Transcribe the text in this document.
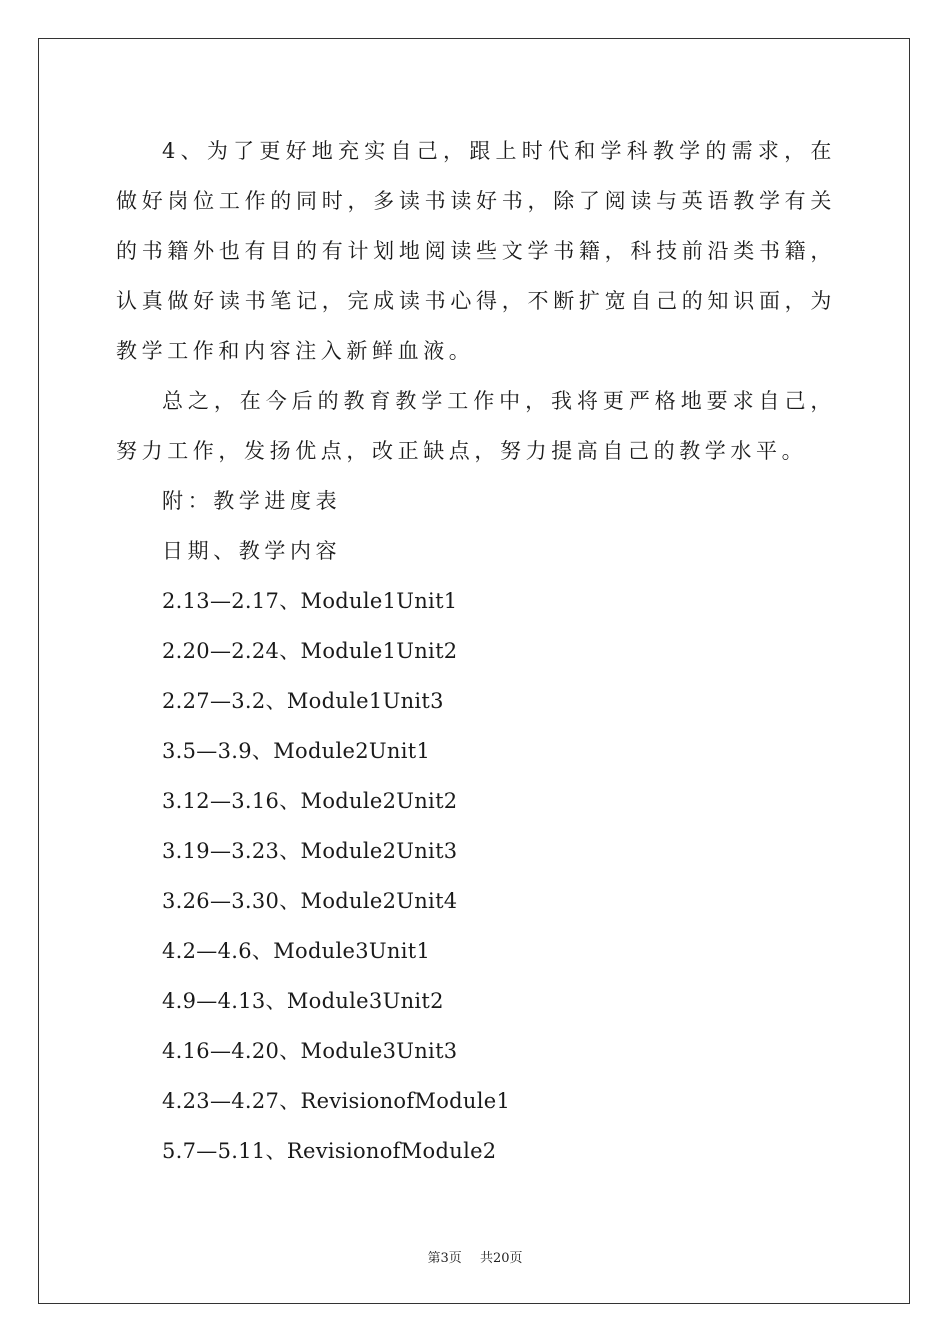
4、为了更好地充实自己，跟上时代和学科教学的需求，在做好岗位工作的同时，多读书读好书，除了阅读与英语教学有关的书籍外也有目的有计划地阅读些文学书籍，科技前沿类书籍，认真做好读书笔记，完成读书心得，不断扩宽自己的知识面，为教学工作和内容注入新鲜血液。

总之，在今后的教育教学工作中，我将更严格地要求自己，努力工作，发扬优点，改正缺点，努力提高自己的教学水平。

附：教学进度表

日期、教学内容

2.13—2.17、Module1Unit1

2.20—2.24、Module1Unit2

2.27—3.2、Module1Unit3

3.5—3.9、Module2Unit1

3.12—3.16、Module2Unit2

3.19—3.23、Module2Unit3

3.26—3.30、Module2Unit4

4.2—4.6、Module3Unit1

4.9—4.13、Module3Unit2

4.16—4.20、Module3Unit3

4.23—4.27、RevisionofModule1

5.7—5.11、RevisionofModule2

第3页 共20页
